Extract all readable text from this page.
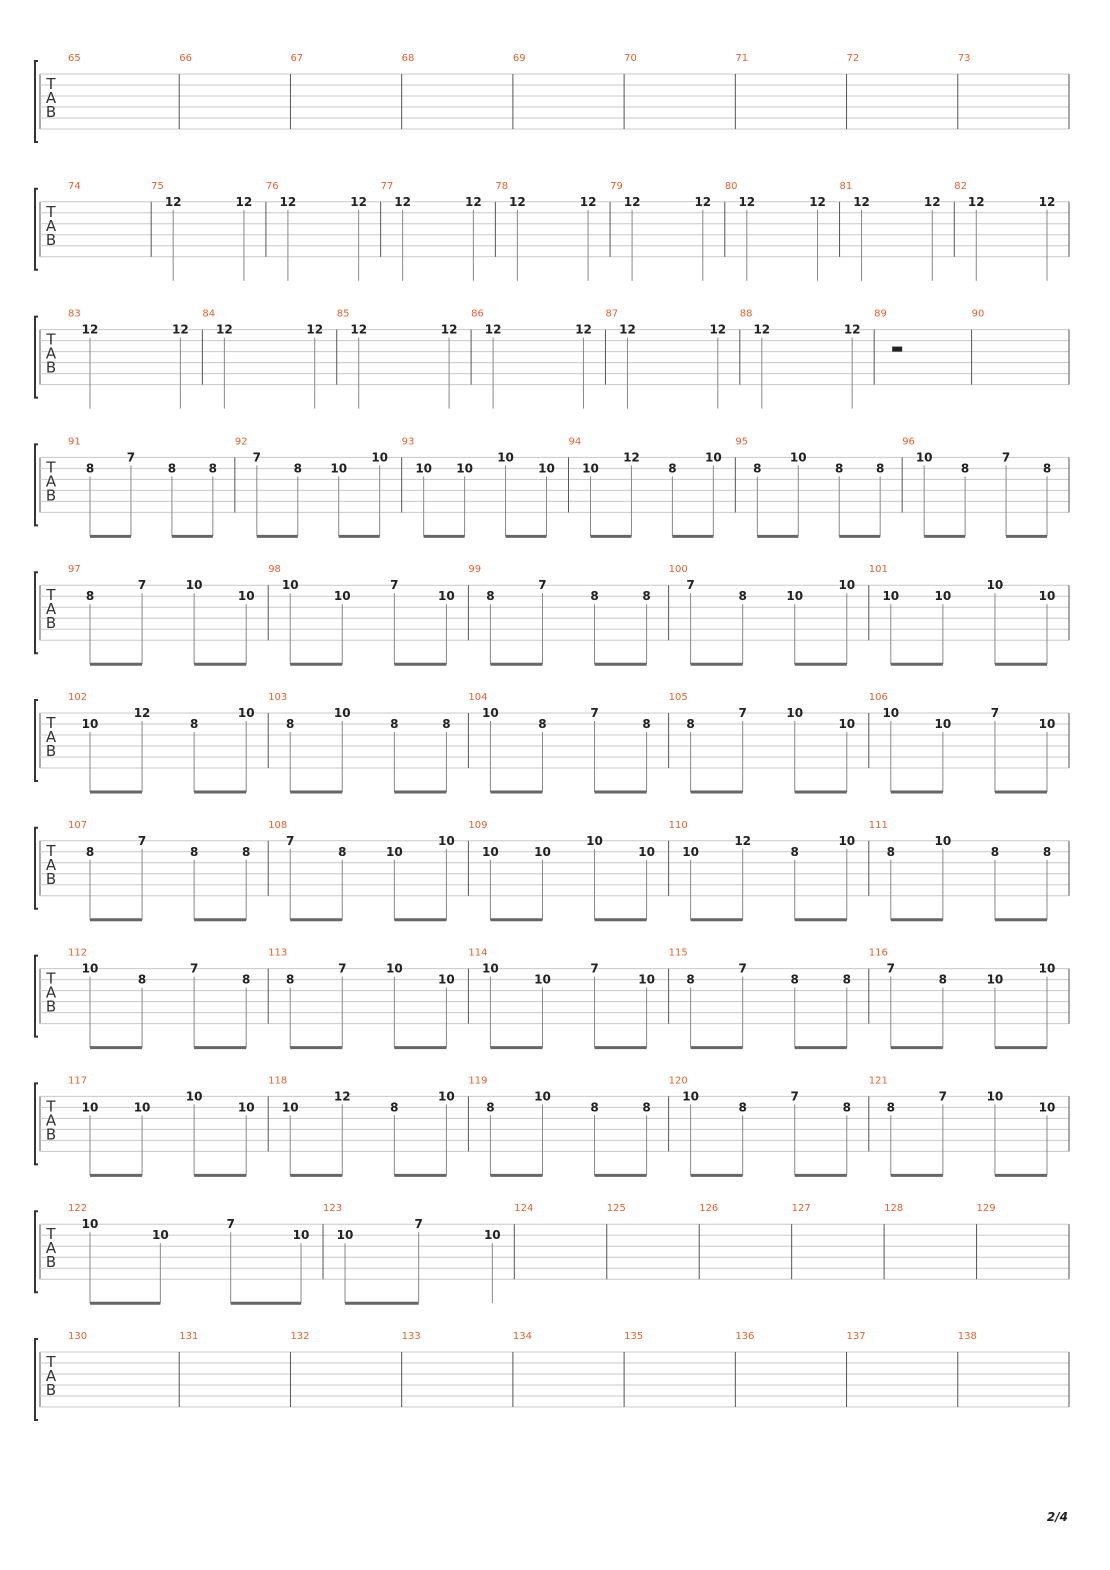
T
A
B
65	66	67	68	69	70	71	72	73
T
A
B
74	75
12	12
76
12	12
77
12	12
78
12	12
79
12	12
80
12	12
81
12	12
82
12	12
T
A
B
83
12	12
84
12	12
85
12	12
86
12	12
87
12	12
88
12	12
89	90
T
A
B
91
8
7
8	8
92
7
8 10
10
93
10 10
10
10
94
10
12
8
10
95
8
10
8	8
96
10
8
7
8
T
A
B
97
8
7	10
10
98
10
10
7
10
99
8
7
8	8
100
7
8	10
10
101
10	10
10
10
T
A
B
102
10
12
8
10
103
8
10
8	8
104
10
8
7
8
105
8
7	10
10
106
10
10
7
10
T
A
B
107
8
7
8	8
108
7
8	10
10
109
10	10
10
10
110
10
12
8
10
111
8
10
8	8
T
A
B
112
10
8
7
8
113
8
7	10
10
114
10
10
7
10
115
8
7
8	8
116
7
8	10
10
T
A
B
117
10	10
10
10
118
10
12
8
10
119
8
10
8	8
120
10
8
7
8
121
8
7	10
10
T
A
B
122
10
10
7
10
123
10
7
10
124	125	126	127	128	129
T
A
B
130	131	132	133	134	135	136	137	138
2/4
